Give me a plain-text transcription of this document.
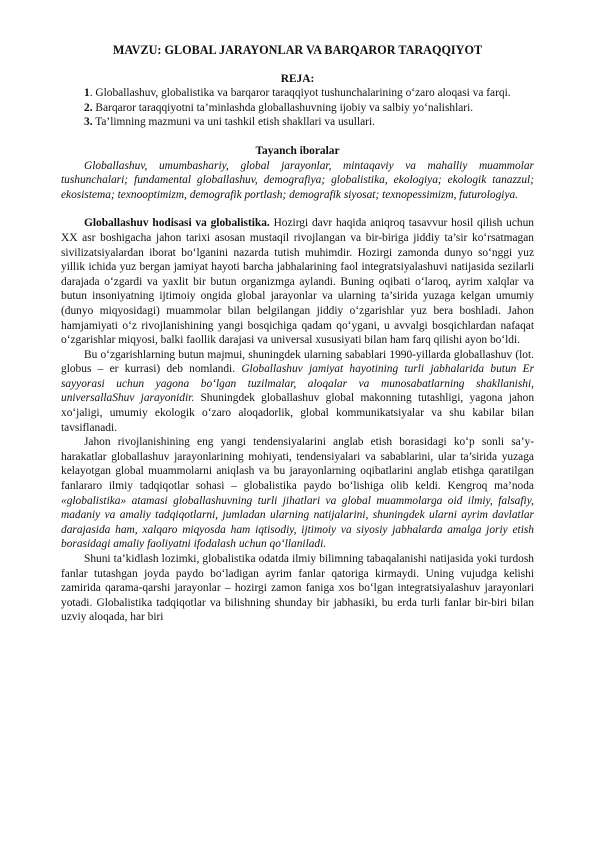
MAVZU: GLOBAL JARAYONLAR VA BARQAROR TARAQQIYOT

REJA:

1. Globallashuv, globalistika va barqaror taraqqiyot tushunchalarining o‘zaro aloqasi va farqi.

2. Barqaror taraqqiyotni ta’minlashda globallashuvning ijobiy va salbiy yo‘nalishlari.

3. Ta’limning mazmuni va uni tashkil etish shakllari va usullari.

Tayanch iboralar

Globallashuv, umumbashariy, global jarayonlar, mintaqaviy va mahalliy muammolar tushunchalari; fundamental globallashuv, demografiya; globalistika, ekologiya; ekologik tanazzul; ekosistema; texnooptimizm, demografik portlash; demografik siyosat; texnopessimizm, futurologiya.

Globallashuv hodisasi va globalistika. Hozirgi davr haqida aniqroq tasavvur hosil qilish uchun XX asr boshigacha jahon tarixi asosan mustaqil rivojlangan va bir-biriga jiddiy ta’sir ko‘rsatmagan sivilizatsiyalardan iborat bo‘lganini nazarda tutish muhimdir. Hozirgi zamonda dunyo so‘nggi yuz yillik ichida yuz bergan jamiyat hayoti barcha jabhalarining faol integratsiyalashuvi natijasida sezilarli darajada o‘zgardi va yaxlit bir butun organizmga aylandi. Buning oqibati o‘laroq, ayrim xalqlar va butun insoniyatning ijtimoiy ongida global jarayonlar va ularning ta’sirida yuzaga kelgan umumiy (dunyo miqyosidagi) muammolar bilan belgilangan jiddiy o‘zgarishlar yuz bera boshladi. Jahon hamjamiyati o‘z rivojlanishining yangi bosqichiga qadam qo‘ygani, u avvalgi bosqichlardan nafaqat o‘zgarishlar miqyosi, balki faollik darajasi va universal xususiyati bilan ham farq qilishi ayon bo‘ldi.

Bu o‘zgarishlarning butun majmui, shuningdek ularning sabablari 1990-yillarda globallashuv (lot. globus – er kurrasi) deb nomlandi. Globallashuv jamiyat hayotining turli jabhalarida butun Er sayyorasi uchun yagona bo‘lgan tuzilmalar, aloqalar va munosabatlarning shakllanishi, universallaShuv jarayonidir. Shuningdek globallashuv global makonning tutashligi, yagona jahon xo‘jaligi, umumiy ekologik o‘zaro aloqadorlik, global kommunikatsiyalar va shu kabilar bilan tavsiflanadi.

Jahon rivojlanishining eng yangi tendensiyalarini anglab etish borasidagi ko‘p sonli sa’y-harakatlar globallashuv jarayonlarining mohiyati, tendensiyalari va sabablarini, ular ta’sirida yuzaga kelayotgan global muammolarni aniqlash va bu jarayonlarning oqibatlarini anglab etishga qaratilgan fanlararo ilmiy tadqiqotlar sohasi – globalistika paydo bo‘lishiga olib keldi. Kengroq ma’noda «globalistika» atamasi globallashuvning turli jihatlari va global muammolarga oid ilmiy, falsafiy, madaniy va amaliy tadqiqotlarni, jumladan ularning natijalarini, shuningdek ularni ayrim davlatlar darajasida ham, xalqaro miqyosda ham iqtisodiy, ijtimoiy va siyosiy jabhalarda amalga joriy etish borasidagi amaliy faoliyatni ifodalash uchun qo‘llaniladi.

Shuni ta’kidlash lozimki, globalistika odatda ilmiy bilimning tabaqalanishi natijasida yoki turdosh fanlar tutashgan joyda paydo bo‘ladigan ayrim fanlar qatoriga kirmaydi. Uning vujudga kelishi zamirida qarama-qarshi jarayonlar – hozirgi zamon faniga xos bo‘lgan integratsiyalashuv jarayonlari yotadi. Globalistika tadqiqotlar va bilishning shunday bir jabhasiki, bu erda turli fanlar bir-biri bilan uzviy aloqada, har biri
